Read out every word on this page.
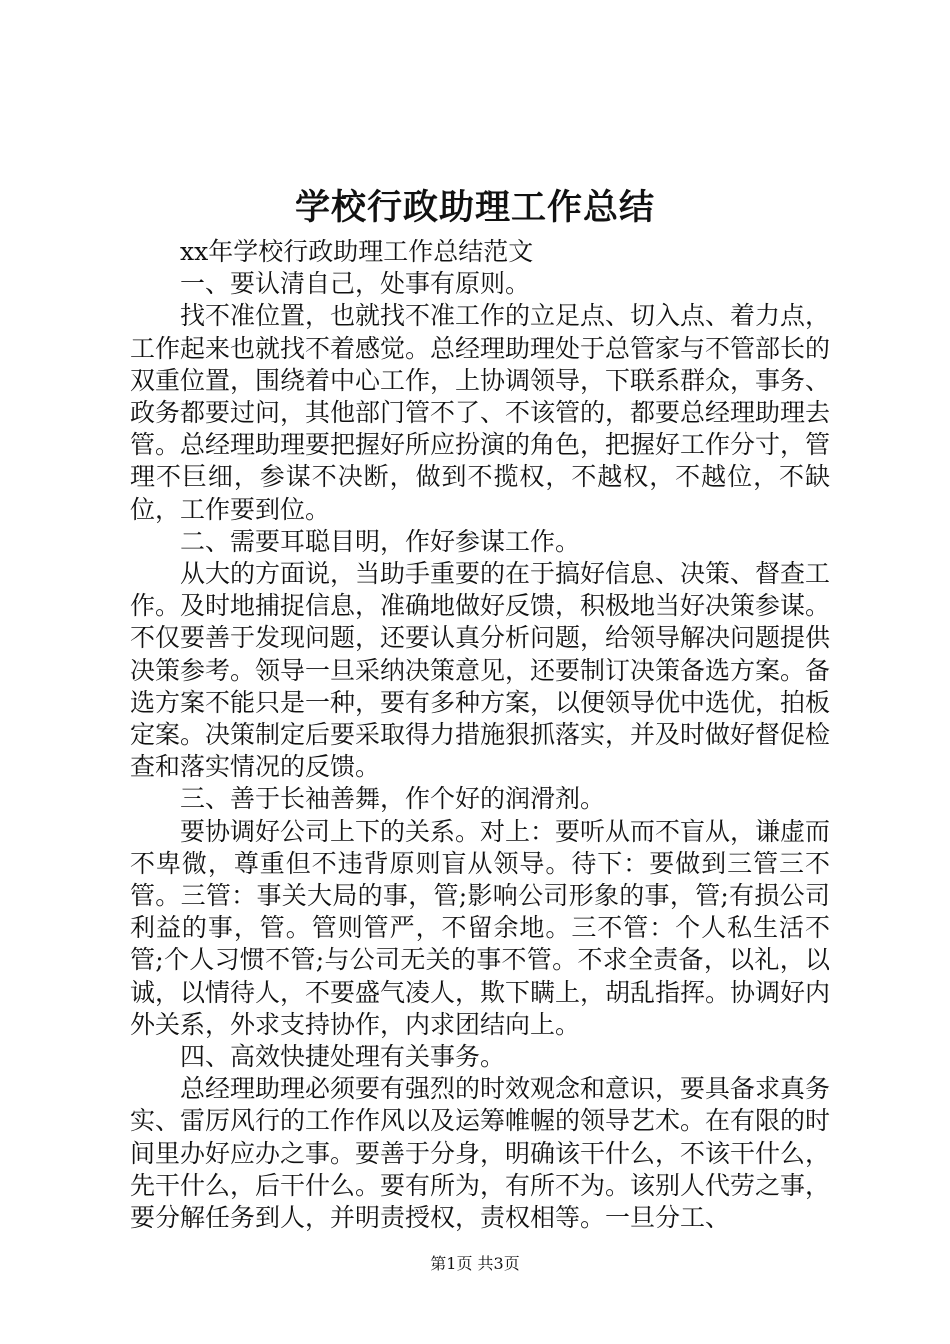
学校行政助理工作总结

xx年学校行政助理工作总结范文

一、要认清自己，处事有原则。

找不准位置，也就找不准工作的立足点、切入点、着力点，工作起来也就找不着感觉。总经理助理处于总管家与不管部长的双重位置，围绕着中心工作，上协调领导，下联系群众，事务、政务都要过问，其他部门管不了、不该管的，都要总经理助理去管。总经理助理要把握好所应扮演的角色，把握好工作分寸，管理不巨细，参谋不决断，做到不揽权，不越权，不越位，不缺位，工作要到位。

二、需要耳聪目明，作好参谋工作。

从大的方面说，当助手重要的在于搞好信息、决策、督查工作。及时地捕捉信息，准确地做好反馈，积极地当好决策参谋。不仅要善于发现问题，还要认真分析问题，给领导解决问题提供决策参考。领导一旦采纳决策意见，还要制订决策备选方案。备选方案不能只是一种，要有多种方案，以便领导优中选优，拍板定案。决策制定后要采取得力措施狠抓落实，并及时做好督促检查和落实情况的反馈。

三、善于长袖善舞，作个好的润滑剂。

要协调好公司上下的关系。对上：要听从而不盲从，谦虚而不卑微，尊重但不违背原则盲从领导。待下：要做到三管三不管。三管：事关大局的事，管;影响公司形象的事，管;有损公司利益的事，管。管则管严，不留余地。三不管：个人私生活不管;个人习惯不管;与公司无关的事不管。不求全责备，以礼，以诚，以情待人，不要盛气凌人，欺下瞒上，胡乱指挥。协调好内外关系，外求支持协作，内求团结向上。

四、高效快捷处理有关事务。

总经理助理必须要有强烈的时效观念和意识，要具备求真务实、雷厉风行的工作作风以及运筹帷幄的领导艺术。在有限的时间里办好应办之事。要善于分身，明确该干什么，不该干什么，先干什么，后干什么。要有所为，有所不为。该别人代劳之事，要分解任务到人，并明责授权，责权相等。一旦分工、

第1页 共3页
